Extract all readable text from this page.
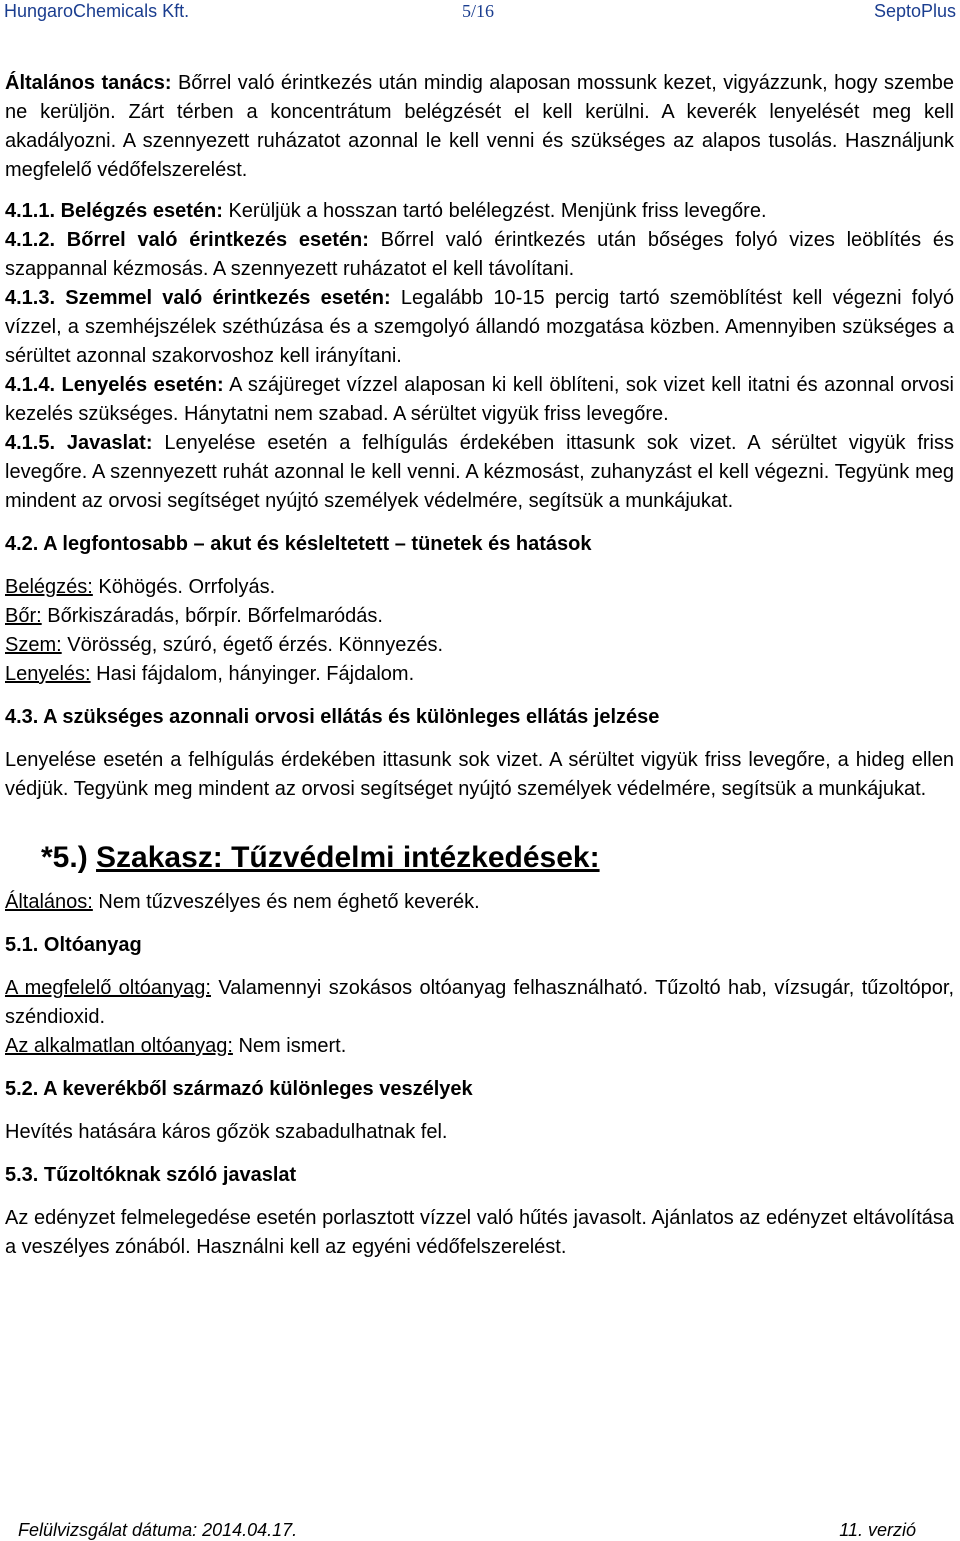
HungaroChemicals Kft.	5/16	SeptoPlus

Általános tanács: Bőrrel való érintkezés után mindig alaposan mossunk kezet, vigyázzunk, hogy szembe ne kerüljön. Zárt térben a koncentrátum belégzését el kell kerülni. A keverék lenyelését meg kell akadályozni. A szennyezett ruházatot azonnal le kell venni és szükséges az alapos tusolás. Használjunk megfelelő védőfelszerelést.

4.1.1. Belégzés esetén: Kerüljük a hosszan tartó belélegzést. Menjünk friss levegőre.

4.1.2. Bőrrel való érintkezés esetén: Bőrrel való érintkezés után bőséges folyó vizes leöblítés és szappannal kézmosás. A szennyezett ruházatot el kell távolítani.

4.1.3. Szemmel való érintkezés esetén: Legalább 10-15 percig tartó szemöblítést kell végezni folyó vízzel, a szemhéjszélek széthúzása és a szemgolyó állandó mozgatása közben. Amennyiben szükséges a sérültet azonnal szakorvoshoz kell irányítani.

4.1.4. Lenyelés esetén: A szájüreget vízzel alaposan ki kell öblíteni, sok vizet kell itatni és azonnal orvosi kezelés szükséges. Hánytatni nem szabad. A sérültet vigyük friss levegőre.

4.1.5. Javaslat: Lenyelése esetén a felhígulás érdekében ittasunk sok vizet. A sérültet vigyük friss levegőre. A szennyezett ruhát azonnal le kell venni. A kézmosást, zuhanyzást el kell végezni. Tegyünk meg mindent az orvosi segítséget nyújtó személyek védelmére, segítsük a munkájukat.

4.2. A legfontosabb – akut és késleltetett – tünetek és hatások

Belégzés: Köhögés. Orrfolyás.

Bőr: Bőrkiszáradás, bőrpír. Bőrfelmaródás.

Szem: Vörösség, szúró, égető érzés. Könnyezés.

Lenyelés: Hasi fájdalom, hányinger. Fájdalom.

4.3. A szükséges azonnali orvosi ellátás és különleges ellátás jelzése

Lenyelése esetén a felhígulás érdekében ittasunk sok vizet. A sérültet vigyük friss levegőre, a hideg ellen védjük. Tegyünk meg mindent az orvosi segítséget nyújtó személyek védelmére, segítsük a munkájukat.

*5.) Szakasz: Tűzvédelmi intézkedések:

Általános: Nem tűzveszélyes és nem éghető keverék.

5.1. Oltóanyag

A megfelelő oltóanyag: Valamennyi szokásos oltóanyag felhasználható. Tűzoltó hab, vízsugár, tűzoltópor, széndioxid.

Az alkalmatlan oltóanyag: Nem ismert.

5.2. A keverékből származó különleges veszélyek

Hevítés hatására káros gőzök szabadulhatnak fel.

5.3. Tűzoltóknak szóló javaslat

Az edényzet felmelegedése esetén porlasztott vízzel való hűtés javasolt. Ajánlatos az edényzet eltávolítása a veszélyes zónából. Használni kell az egyéni védőfelszerelést.

Felülvizsgálat dátuma: 2014.04.17.	11. verzió
